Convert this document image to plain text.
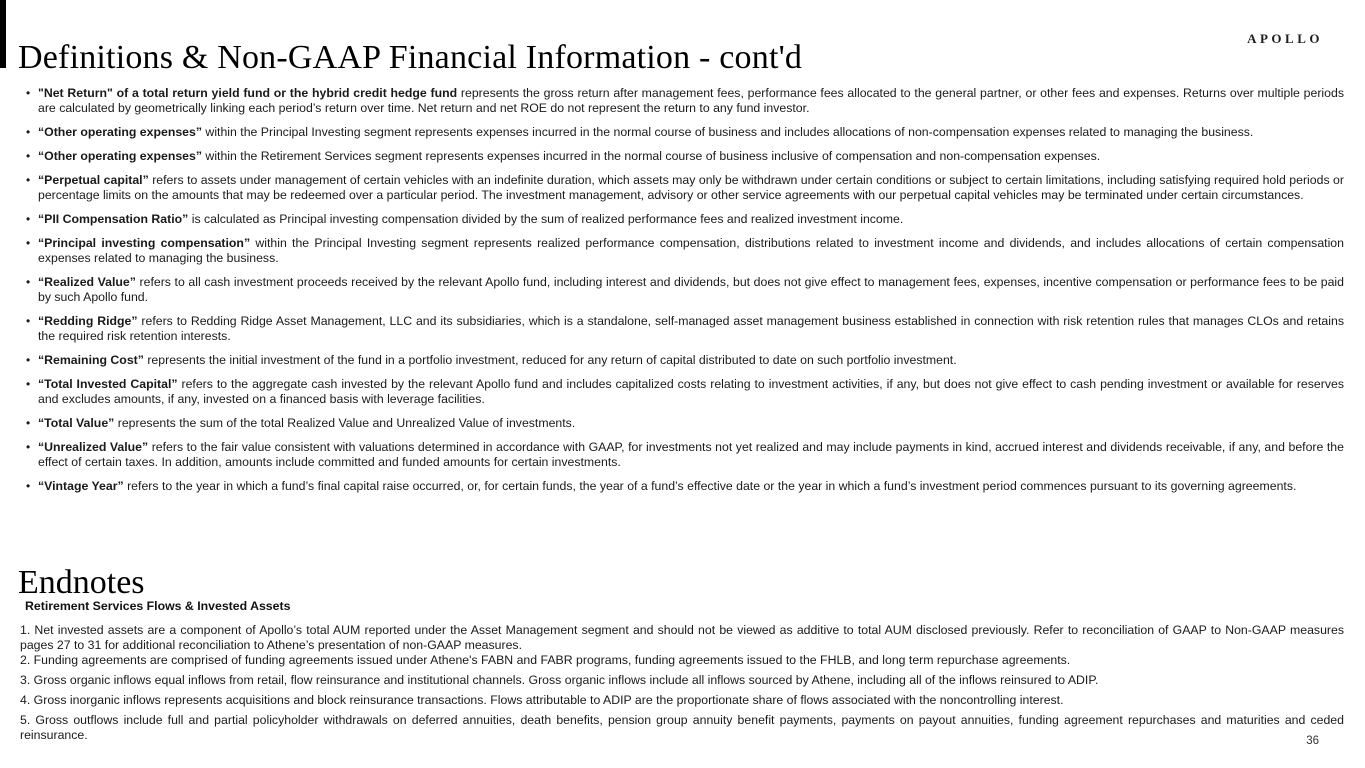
Definitions & Non-GAAP Financial Information - cont'd
APOLLO
• "Net Return" of a total return yield fund or the hybrid credit hedge fund represents the gross return after management fees, performance fees allocated to the general partner, or other fees and expenses. Returns over multiple periods are calculated by geometrically linking each period’s return over time. Net return and net ROE do not represent the return to any fund investor.
• “Other operating expenses” within the Principal Investing segment represents expenses incurred in the normal course of business and includes allocations of non-compensation expenses related to managing the business.
• “Other operating expenses” within the Retirement Services segment represents expenses incurred in the normal course of business inclusive of compensation and non-compensation expenses.
• “Perpetual capital” refers to assets under management of certain vehicles with an indefinite duration, which assets may only be withdrawn under certain conditions or subject to certain limitations, including satisfying required hold periods or percentage limits on the amounts that may be redeemed over a particular period. The investment management, advisory or other service agreements with our perpetual capital vehicles may be terminated under certain circumstances.
• “PII Compensation Ratio” is calculated as Principal investing compensation divided by the sum of realized performance fees and realized investment income.
• “Principal investing compensation” within the Principal Investing segment represents realized performance compensation, distributions related to investment income and dividends, and includes allocations of certain compensation expenses related to managing the business.
• “Realized Value” refers to all cash investment proceeds received by the relevant Apollo fund, including interest and dividends, but does not give effect to management fees, expenses, incentive compensation or performance fees to be paid by such Apollo fund.
• “Redding Ridge” refers to Redding Ridge Asset Management, LLC and its subsidiaries, which is a standalone, self-managed asset management business established in connection with risk retention rules that manages CLOs and retains the required risk retention interests.
• “Remaining Cost” represents the initial investment of the fund in a portfolio investment, reduced for any return of capital distributed to date on such portfolio investment.
• “Total Invested Capital” refers to the aggregate cash invested by the relevant Apollo fund and includes capitalized costs relating to investment activities, if any, but does not give effect to cash pending investment or available for reserves and excludes amounts, if any, invested on a financed basis with leverage facilities.
• “Total Value” represents the sum of the total Realized Value and Unrealized Value of investments.
• “Unrealized Value” refers to the fair value consistent with valuations determined in accordance with GAAP, for investments not yet realized and may include payments in kind, accrued interest and dividends receivable, if any, and before the effect of certain taxes. In addition, amounts include committed and funded amounts for certain investments.
• “Vintage Year” refers to the year in which a fund’s final capital raise occurred, or, for certain funds, the year of a fund’s effective date or the year in which a fund’s investment period commences pursuant to its governing agreements.
Endnotes
Retirement Services Flows & Invested Assets

1. Net invested assets are a component of Apollo’s total AUM reported under the Asset Management segment and should not be viewed as additive to total AUM disclosed previously. Refer to reconciliation of GAAP to Non-GAAP measures pages 27 to 31 for additional reconciliation to Athene’s presentation of non-GAAP measures.

2. Funding agreements are comprised of funding agreements issued under Athene's FABN and FABR programs, funding agreements issued to the FHLB, and long term repurchase agreements.

3. Gross organic inflows equal inflows from retail, flow reinsurance and institutional channels. Gross organic inflows include all inflows sourced by Athene, including all of the inflows reinsured to ADIP.

4. Gross inorganic inflows represents acquisitions and block reinsurance transactions. Flows attributable to ADIP are the proportionate share of flows associated with the noncontrolling interest.

5. Gross outflows include full and partial policyholder withdrawals on deferred annuities, death benefits, pension group annuity benefit payments, payments on payout annuities, funding agreement repurchases and maturities and ceded reinsurance.	36
